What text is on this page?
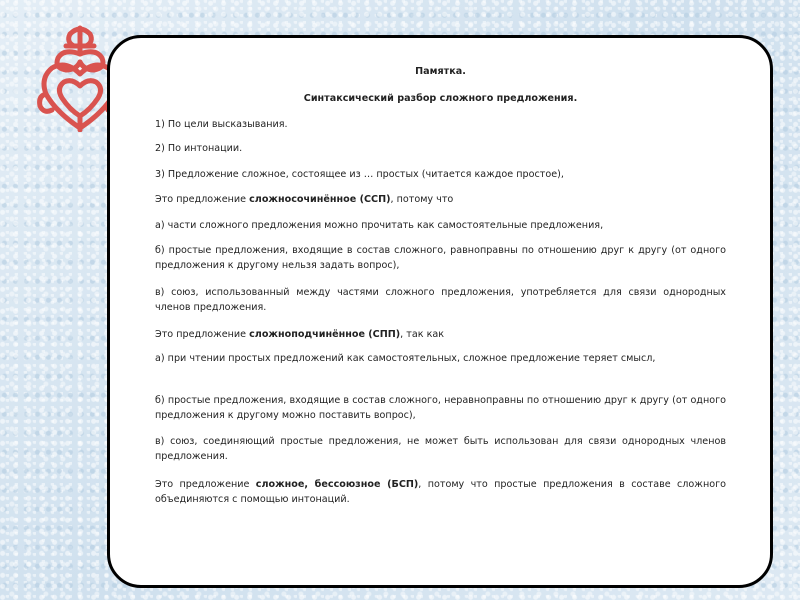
Памятка.
Синтаксический разбор сложного предложения.
1) По цели высказывания.
2) По интонации.
3) Предложение сложное, состоящее из … простых (читается каждое простое),
Это предложение сложносочинённое (ССП), потому что
а) части сложного предложения можно прочитать как самостоятельные предложения,
б) простые предложения, входящие в состав сложного, равноправны по отношению друг к другу (от одного предложения к другому нельзя задать вопрос),
в) союз, использованный между частями сложного предложения, употребляется для связи однородных членов предложения.
Это предложение сложноподчинённое (СПП), так как
а) при чтении простых предложений как самостоятельных, сложное предложение теряет смысл,
б) простые предложения, входящие в состав сложного, неравноправны по отношению друг к другу (от одного предложения к другому можно поставить вопрос),
в) союз, соединяющий простые предложения, не может быть использован для связи однородных членов предложения.
Это предложение сложное, бессоюзное (БСП), потому что простые предложения в составе сложного объединяются с помощью интонаций.
